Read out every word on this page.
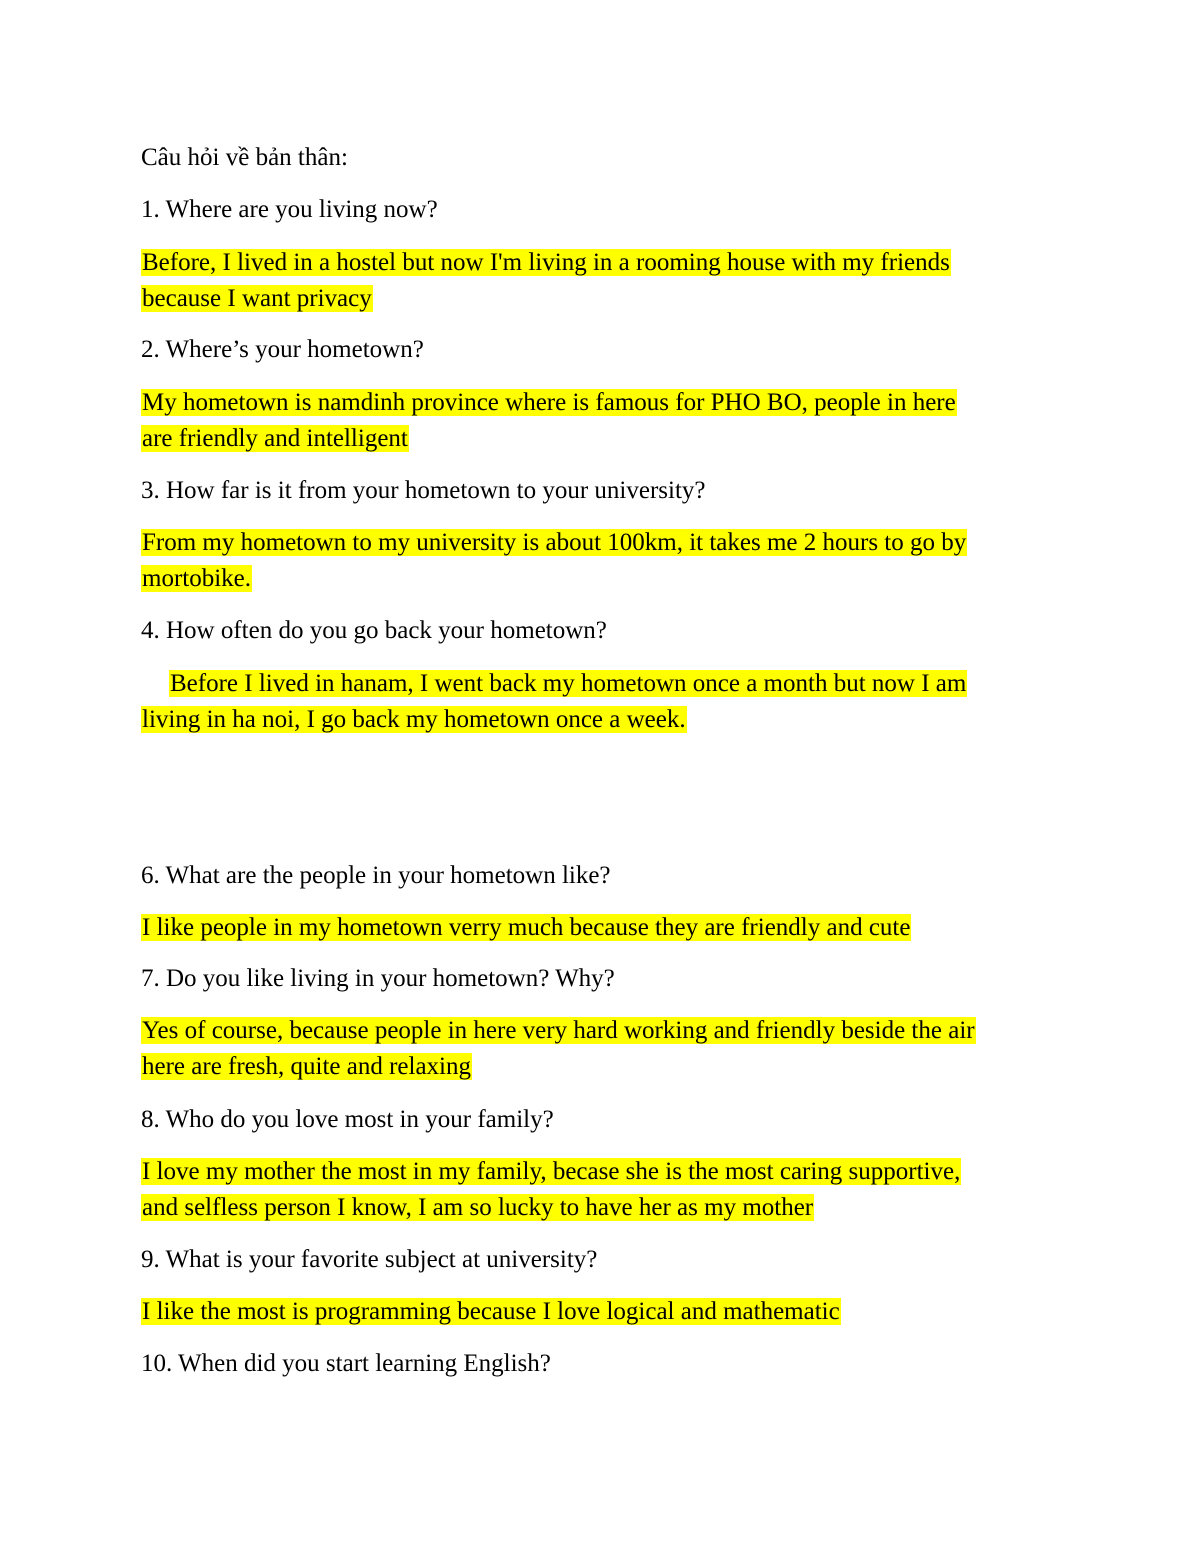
Câu hỏi về bản thân:
1. Where are you living now?
Before, I lived in a hostel but now I'm living in a rooming house with my friends
because I want privacy
2. Where’s your hometown?
My hometown is namdinh province where is famous for PHO BO, people in here
are friendly and intelligent
3. How far is it from your hometown to your university?
From my hometown to my university is about 100km, it takes me 2 hours to go by
mortobike.
4. How often do you go back your hometown?
Before I lived in hanam, I went back my hometown once a month but now I am
living in ha noi, I go back my hometown once a week.
6. What are the people in your hometown like?
I like people in my hometown verry much because they are friendly and cute
7. Do you like living in your hometown? Why?
Yes of course, because people in here very hard working and friendly beside the air
here are fresh, quite and relaxing
8. Who do you love most in your family?
I love my mother the most in my family, becase she is the most caring supportive,
and selfless person I know, I am so lucky to have her as my mother
9. What is your favorite subject at university?
I like the most is programming because I love logical and mathematic
10. When did you start learning English?
